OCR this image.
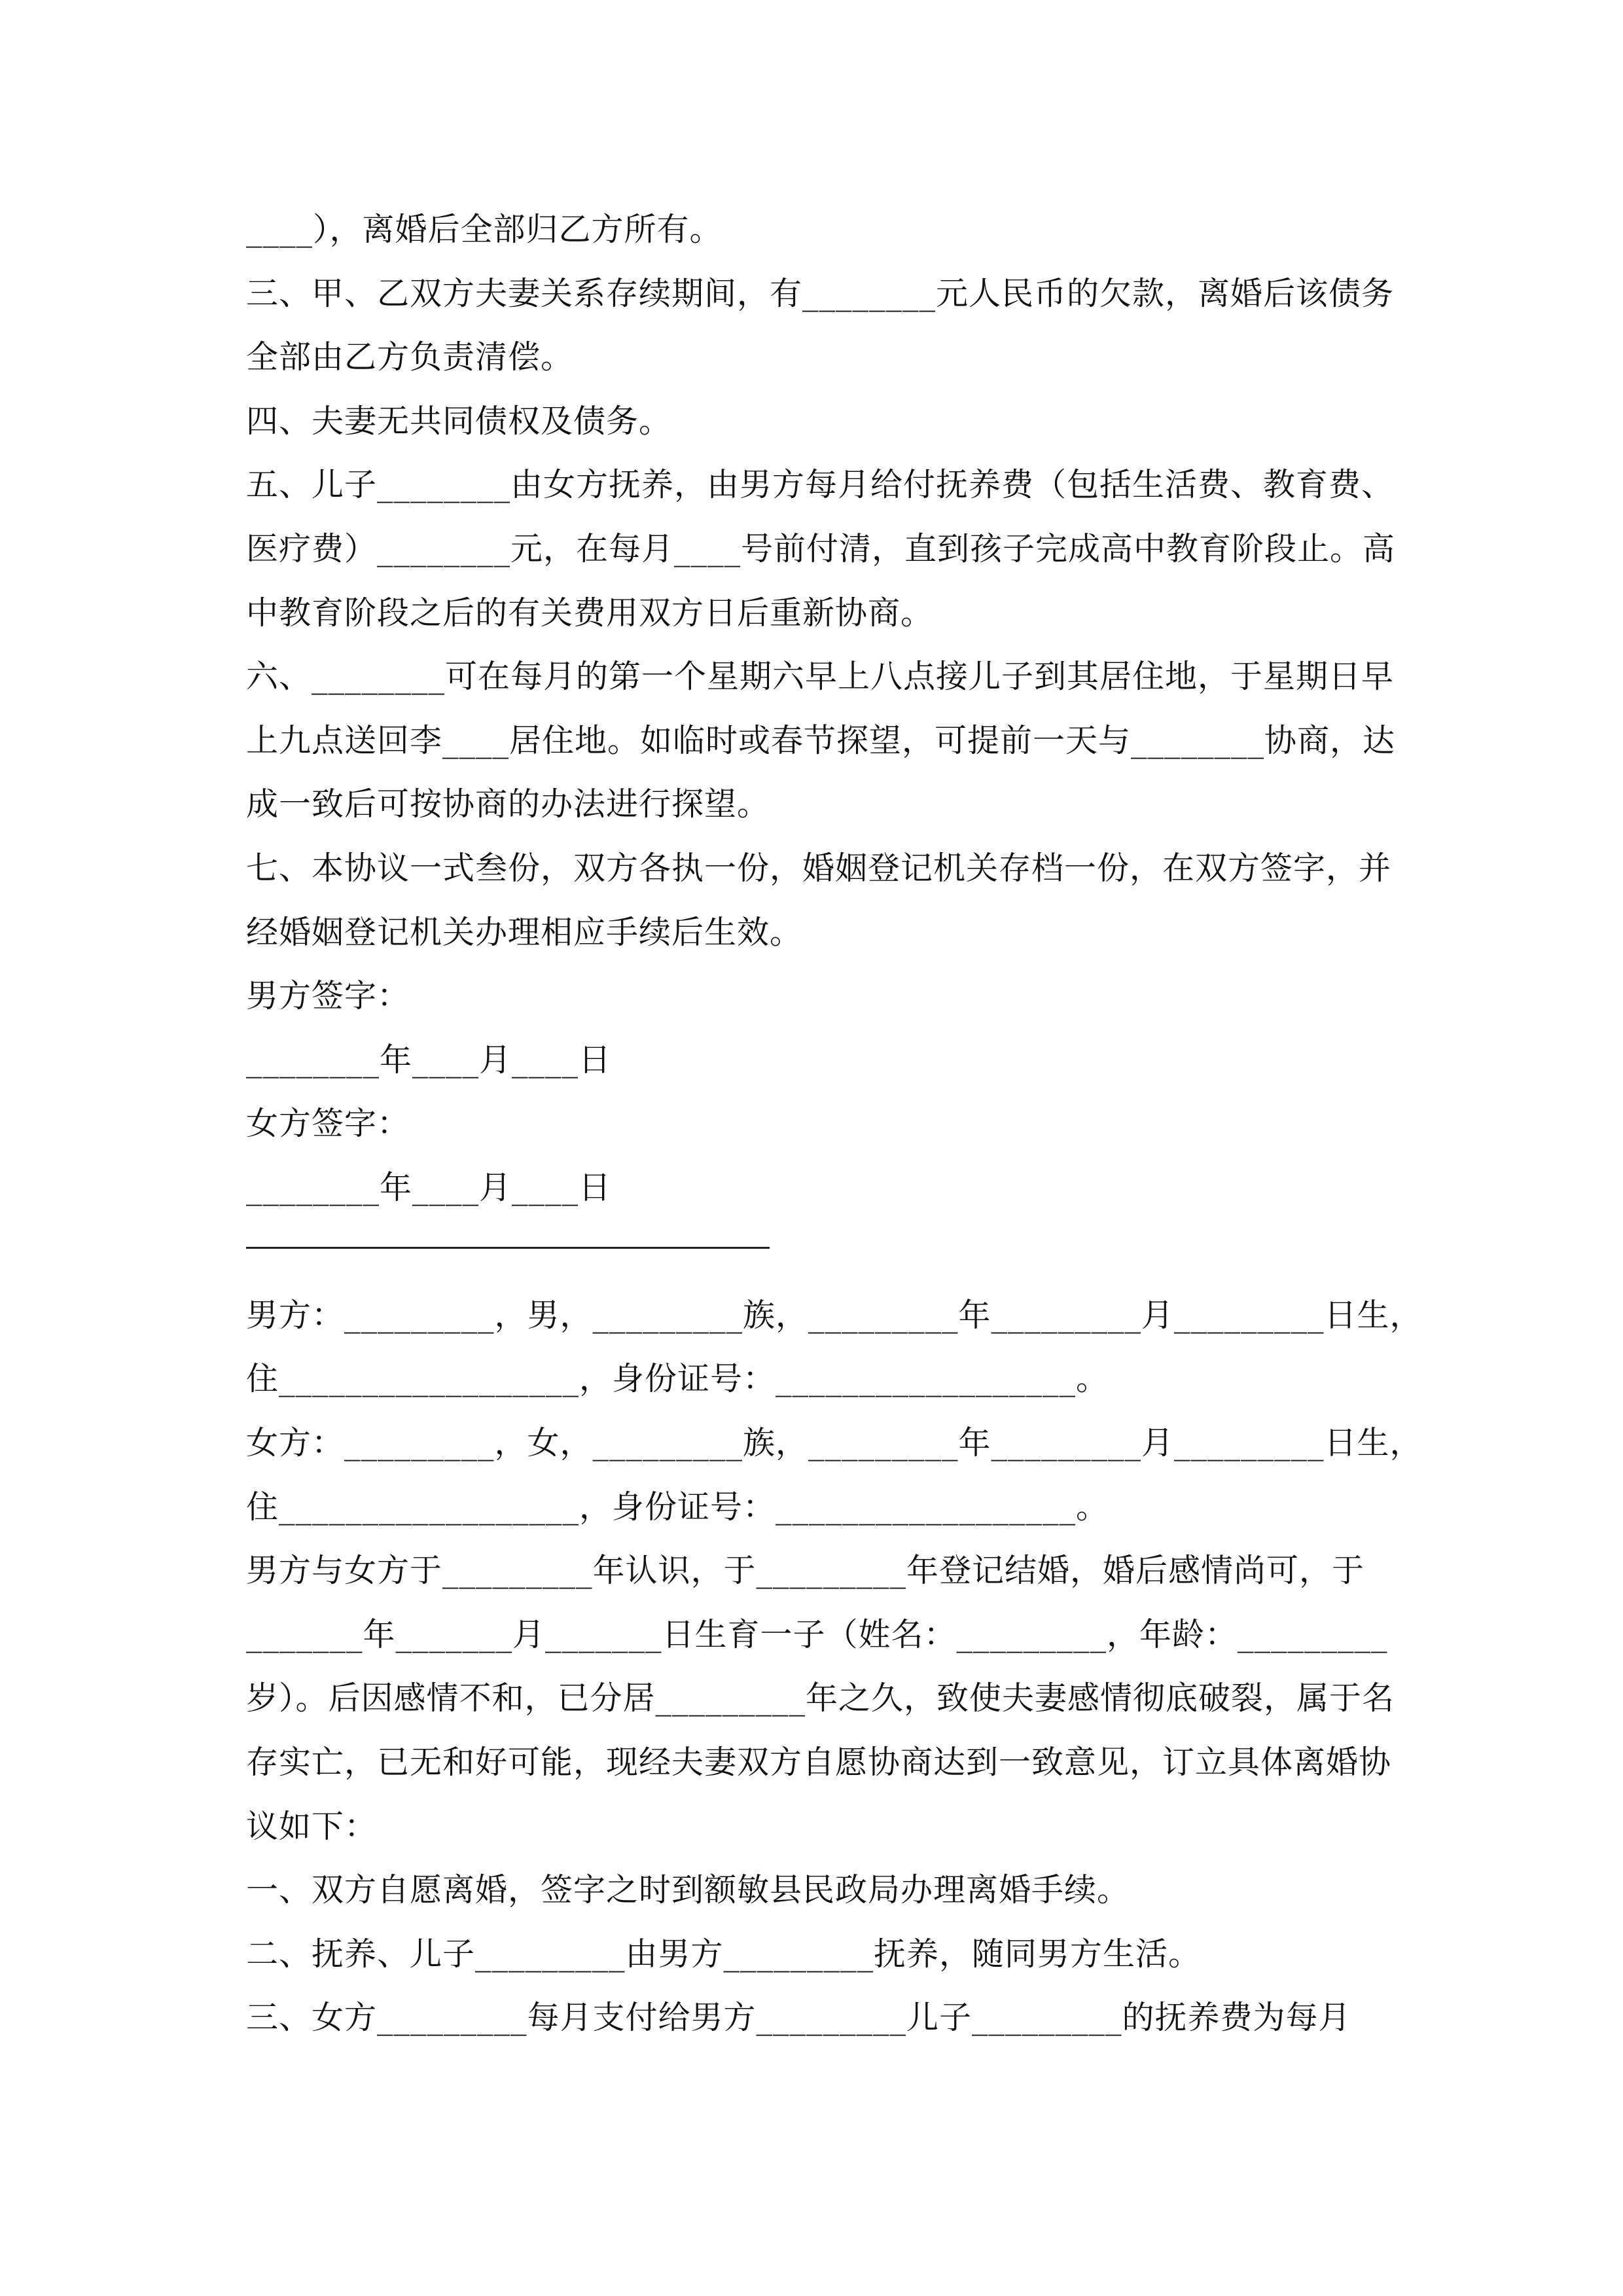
____），离婚后全部归乙方所有。
三、甲、乙双方夫妻关系存续期间，有________元人民币的欠款，离婚后该债务
全部由乙方负责清偿。
四、夫妻无共同债权及债务。
五、儿子________由女方抚养，由男方每月给付抚养费（包括生活费、教育费、
医疗费）________元，在每月____号前付清，直到孩子完成高中教育阶段止。高
中教育阶段之后的有关费用双方日后重新协商。
六、________可在每月的第一个星期六早上八点接儿子到其居住地，于星期日早
上九点送回李____居住地。如临时或春节探望，可提前一天与________协商，达
成一致后可按协商的办法进行探望。
七、本协议一式叁份，双方各执一份，婚姻登记机关存档一份，在双方签字，并
经婚姻登记机关办理相应手续后生效。
男方签字：
________年____月____日
女方签字：
________年____月____日
男方：_________，男，_________族，_________年_________月_________日生，
住__________________，身份证号：__________________。
女方：_________，女，_________族，_________年_________月_________日生，
住__________________，身份证号：__________________。
男方与女方于_________年认识，于_________年登记结婚，婚后感情尚可，于
_______年_______月_______日生育一子（姓名：_________，年龄：_________
岁）。后因感情不和，已分居_________年之久，致使夫妻感情彻底破裂，属于名
存实亡，已无和好可能，现经夫妻双方自愿协商达到一致意见，订立具体离婚协
议如下：
一、双方自愿离婚，签字之时到额敏县民政局办理离婚手续。
二、抚养、儿子_________由男方_________抚养，随同男方生活。
三、女方_________每月支付给男方_________儿子_________的抚养费为每月
